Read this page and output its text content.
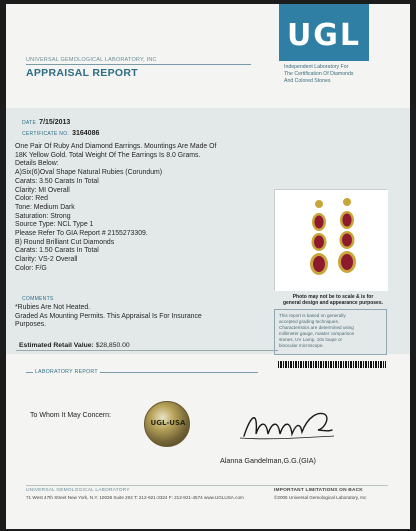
UNIVERSAL GEMOLOGICAL LABORATORY, INC
APPRAISAL REPORT
UGL
Independent Laboratory For
The Certification Of Diamonds
And Colored Stones
DATE 7/15/2013
CERTIFICATE NO. 3164086
One Pair Of Ruby And Diamond Earrings. Mountings Are Made Of
18K Yellow Gold. Total Weight Of The Earrings Is 8.0 Grams.
Details Below:
A)Six(6)Oval Shape Natural Rubies (Corundum)
Carats: 3.50 Carats In Total
Clarity: MI Overall
Color: Red
Tone: Medium Dark
Saturation: Strong
Source Type: NCL Type 1
Please Refer To GIA Report # 2155273309.
B) Round Brilliant Cut Diamonds
Carats: 1.50 Carats In Total
Clarity: VS-2 Overall
Color: F/G
COMMENTS
*Rubies Are Not Heated.
Graded As Mounting Permits. This Appraisal Is For Insurance
Purposes.
Estimated Retail Value: $28,850.00
Photo may not be to scale & is for
general design and appearance purposes.
This report is based on generally
accepted grading techniques.
Characteristics are determined using
millimeter gauge, master comparison
stones, UV Lamp, 10x loupe or
binocular microscope.
LABORATORY REPORT
To Whom It May Concern:
UGL-USA
Alanna Gandelman,G.G.(GIA)
UNIVERSAL GEMOLOGICAL LABORATORY
71 West 47th Street New York, N.Y. 10036 Suite 204 T: 212-921-3324 F: 212-921-4574 www.UGLUSA.com
IMPORTANT LIMITATIONS ON BACK
©2006 Universal Gemological Laboratory, Inc
